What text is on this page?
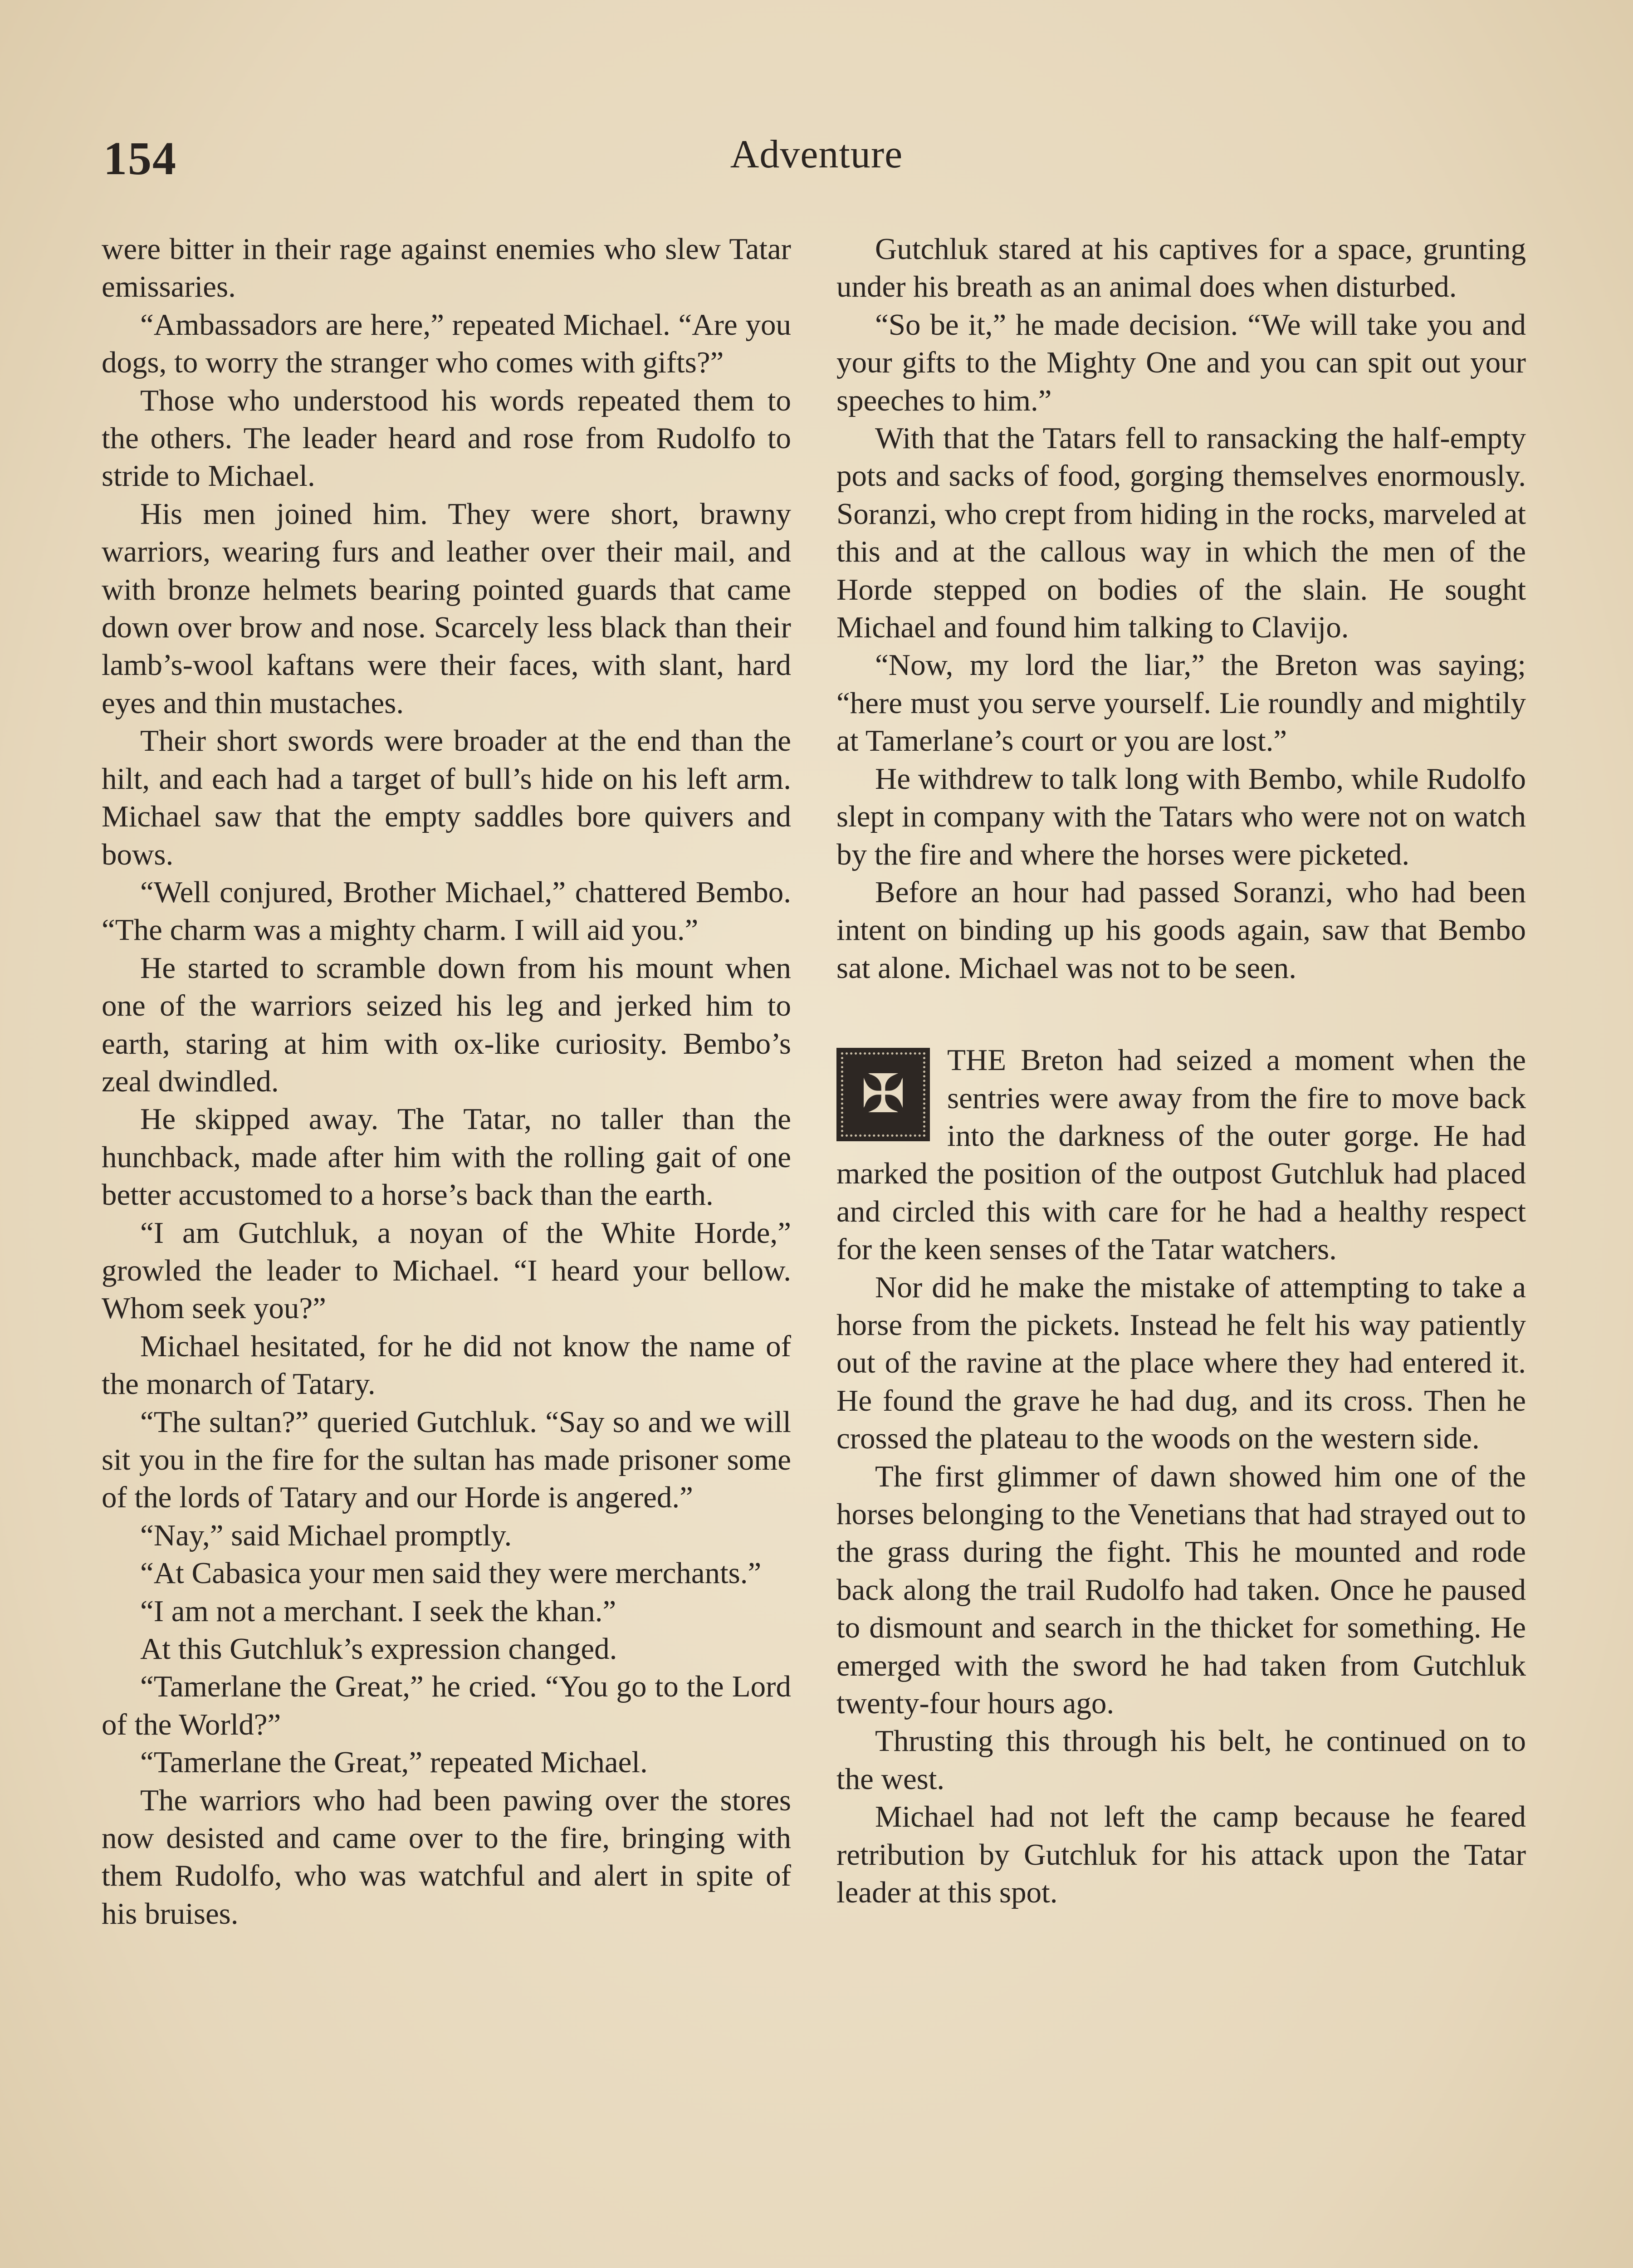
154	Adventure

were bitter in their rage against enemies who slew Tatar emissaries.

“Ambassadors are here,” repeated Michael. “Are you dogs, to worry the stranger who comes with gifts?”

Those who understood his words repeated them to the others. The leader heard and rose from Rudolfo to stride to Michael.

His men joined him. They were short, brawny warriors, wearing furs and leather over their mail, and with bronze helmets bearing pointed guards that came down over brow and nose. Scarcely less black than their lamb’s-wool kaftans were their faces, with slant, hard eyes and thin mustaches.

Their short swords were broader at the end than the hilt, and each had a target of bull’s hide on his left arm. Michael saw that the empty saddles bore quivers and bows.

“Well conjured, Brother Michael,” chattered Bembo. “The charm was a mighty charm. I will aid you.”

He started to scramble down from his mount when one of the warriors seized his leg and jerked him to earth, staring at him with ox-like curiosity. Bembo’s zeal dwindled.

He skipped away. The Tatar, no taller than the hunchback, made after him with the rolling gait of one better accustomed to a horse’s back than the earth.

“I am Gutchluk, a noyan of the White Horde,” growled the leader to Michael. “I heard your bellow. Whom seek you?”

Michael hesitated, for he did not know the name of the monarch of Tatary.

“The sultan?” queried Gutchluk. “Say so and we will sit you in the fire for the sultan has made prisoner some of the lords of Tatary and our Horde is angered.”

“Nay,” said Michael promptly.

“At Cabasica your men said they were merchants.”

“I am not a merchant. I seek the khan.”

At this Gutchluk’s expression changed.

“Tamerlane the Great,” he cried. “You go to the Lord of the World?”

“Tamerlane the Great,” repeated Michael.

The warriors who had been pawing over the stores now desisted and came over to the fire, bringing with them Rudolfo, who was watchful and alert in spite of his bruises.

Gutchluk stared at his captives for a space, grunting under his breath as an animal does when disturbed.

“So be it,” he made decision. “We will take you and your gifts to the Mighty One and you can spit out your speeches to him.”

With that the Tatars fell to ransacking the half-empty pots and sacks of food, gorging themselves enormously. Soranzi, who crept from hiding in the rocks, marveled at this and at the callous way in which the men of the Horde stepped on bodies of the slain. He sought Michael and found him talking to Clavijo.

“Now, my lord the liar,” the Breton was saying; “here must you serve yourself. Lie roundly and mightily at Tamerlane’s court or you are lost.”

He withdrew to talk long with Bembo, while Rudolfo slept in company with the Tatars who were not on watch by the fire and where the horses were picketed.

Before an hour had passed Soranzi, who had been intent on binding up his goods again, saw that Bembo sat alone. Michael was not to be seen.

✠
THE Breton had seized a moment when the sentries were away from the fire to move back into the darkness of the outer gorge. He had marked the position of the outpost Gutchluk had placed and circled this with care for he had a healthy respect for the keen senses of the Tatar watchers.

Nor did he make the mistake of attempting to take a horse from the pickets. Instead he felt his way patiently out of the ravine at the place where they had entered it. He found the grave he had dug, and its cross. Then he crossed the plateau to the woods on the western side.

The first glimmer of dawn showed him one of the horses belonging to the Venetians that had strayed out to the grass during the fight. This he mounted and rode back along the trail Rudolfo had taken. Once he paused to dismount and search in the thicket for something. He emerged with the sword he had taken from Gutchluk twenty-four hours ago.

Thrusting this through his belt, he continued on to the west.

Michael had not left the camp because he feared retribution by Gutchluk for his attack upon the Tatar leader at this spot.
